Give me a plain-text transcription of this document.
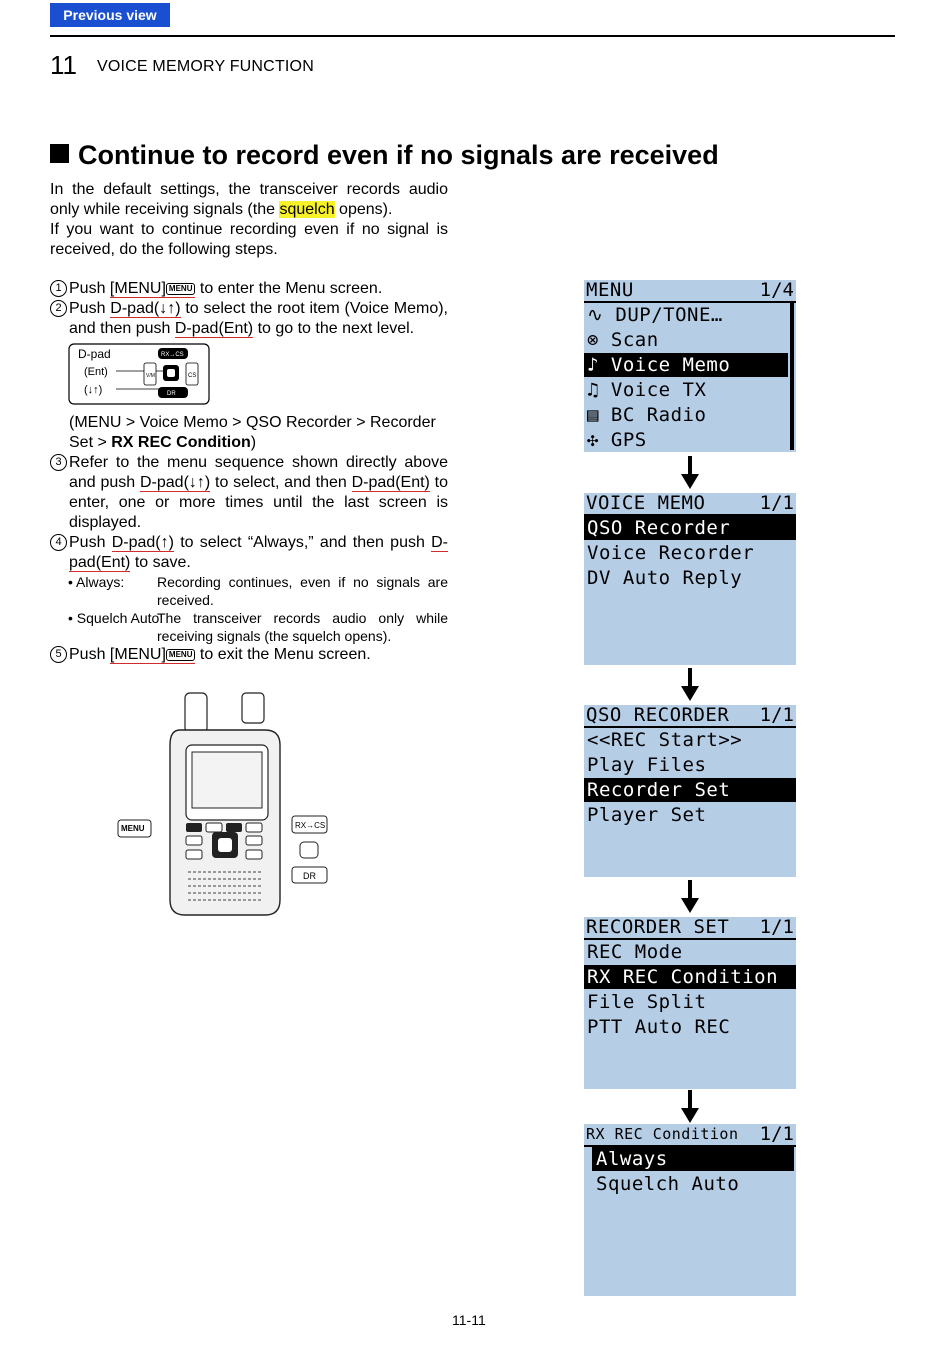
Previous view
11 VOICE MEMORY FUNCTION
Continue to record even if no signals are received
In the default settings, the transceiver records audio only while receiving signals (the squelch opens).
If you want to continue recording even if no signal is received, do the following steps.
1 Push [MENU] MENU to enter the Menu screen.
2 Push D-pad(↓↑) to select the root item (Voice Memo), and then push D-pad(Ent) to go to the next level.
D-pad
(Ent)
(↓↑)
RX→CS
V/M	CS
DR
(MENU > Voice Memo > QSO Recorder > Recorder Set > RX REC Condition)
3 Refer to the menu sequence shown directly above and push D-pad(↓↑) to select, and then D-pad(Ent) to enter, one or more times until the last screen is displayed.
4 Push D-pad(↑) to select “Always,” and then push D-pad(Ent) to save.
• Always: Recording continues, even if no signals are received.
• Squelch Auto:
The transceiver records audio only while receiving signals (the squelch opens).
5 Push [MENU] MENU to exit the Menu screen.
MENU	RX→CS
DR
MENU	1/4
∿ DUP/TONE…
⊗ Scan
♪ Voice Memo
♫ Voice TX
▤ BC Radio
✣ GPS
VOICE MEMO	1/1
QSO Recorder
Voice Recorder
DV Auto Reply
QSO RECORDER 1/1
<<REC Start>>
Play Files
Recorder Set
Player Set
RECORDER SET 1/1
REC Mode
RX REC Condition
File Split
PTT Auto REC
RX REC Condition 1/1
Always
Squelch Auto
11-11
